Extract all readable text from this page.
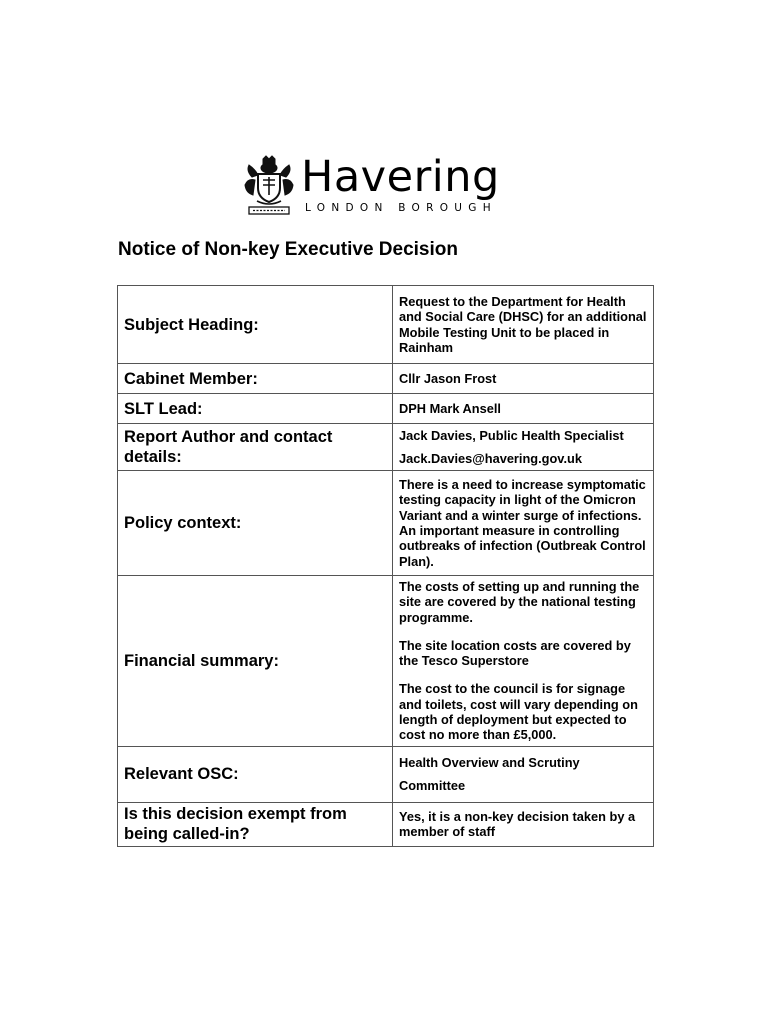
Havering
LONDON BOROUGH
Notice of Non-key Executive Decision
Subject Heading:	Request to the Department for Health and Social Care (DHSC) for an additional Mobile Testing Unit to be placed in Rainham
Cabinet Member:	Cllr Jason Frost
SLT Lead:	DPH Mark Ansell
Report Author and contact details:	Jack Davies, Public Health Specialist

Jack.Davies@havering.gov.uk

Policy context:	There is a need to increase symptomatic testing capacity in light of the Omicron Variant and a winter surge of infections. An important measure in controlling outbreaks of infection (Outbreak Control Plan).
Financial summary:	The costs of setting up and running the site are covered by the national testing programme.

The site location costs are covered by the Tesco Superstore

The cost to the council is for signage and toilets, cost will vary depending on length of deployment but expected to cost no more than £5,000.

Relevant OSC:	Health Overview and Scrutiny

Committee

Is this decision exempt from being called-in?	Yes, it is a non-key decision taken by a member of staff
